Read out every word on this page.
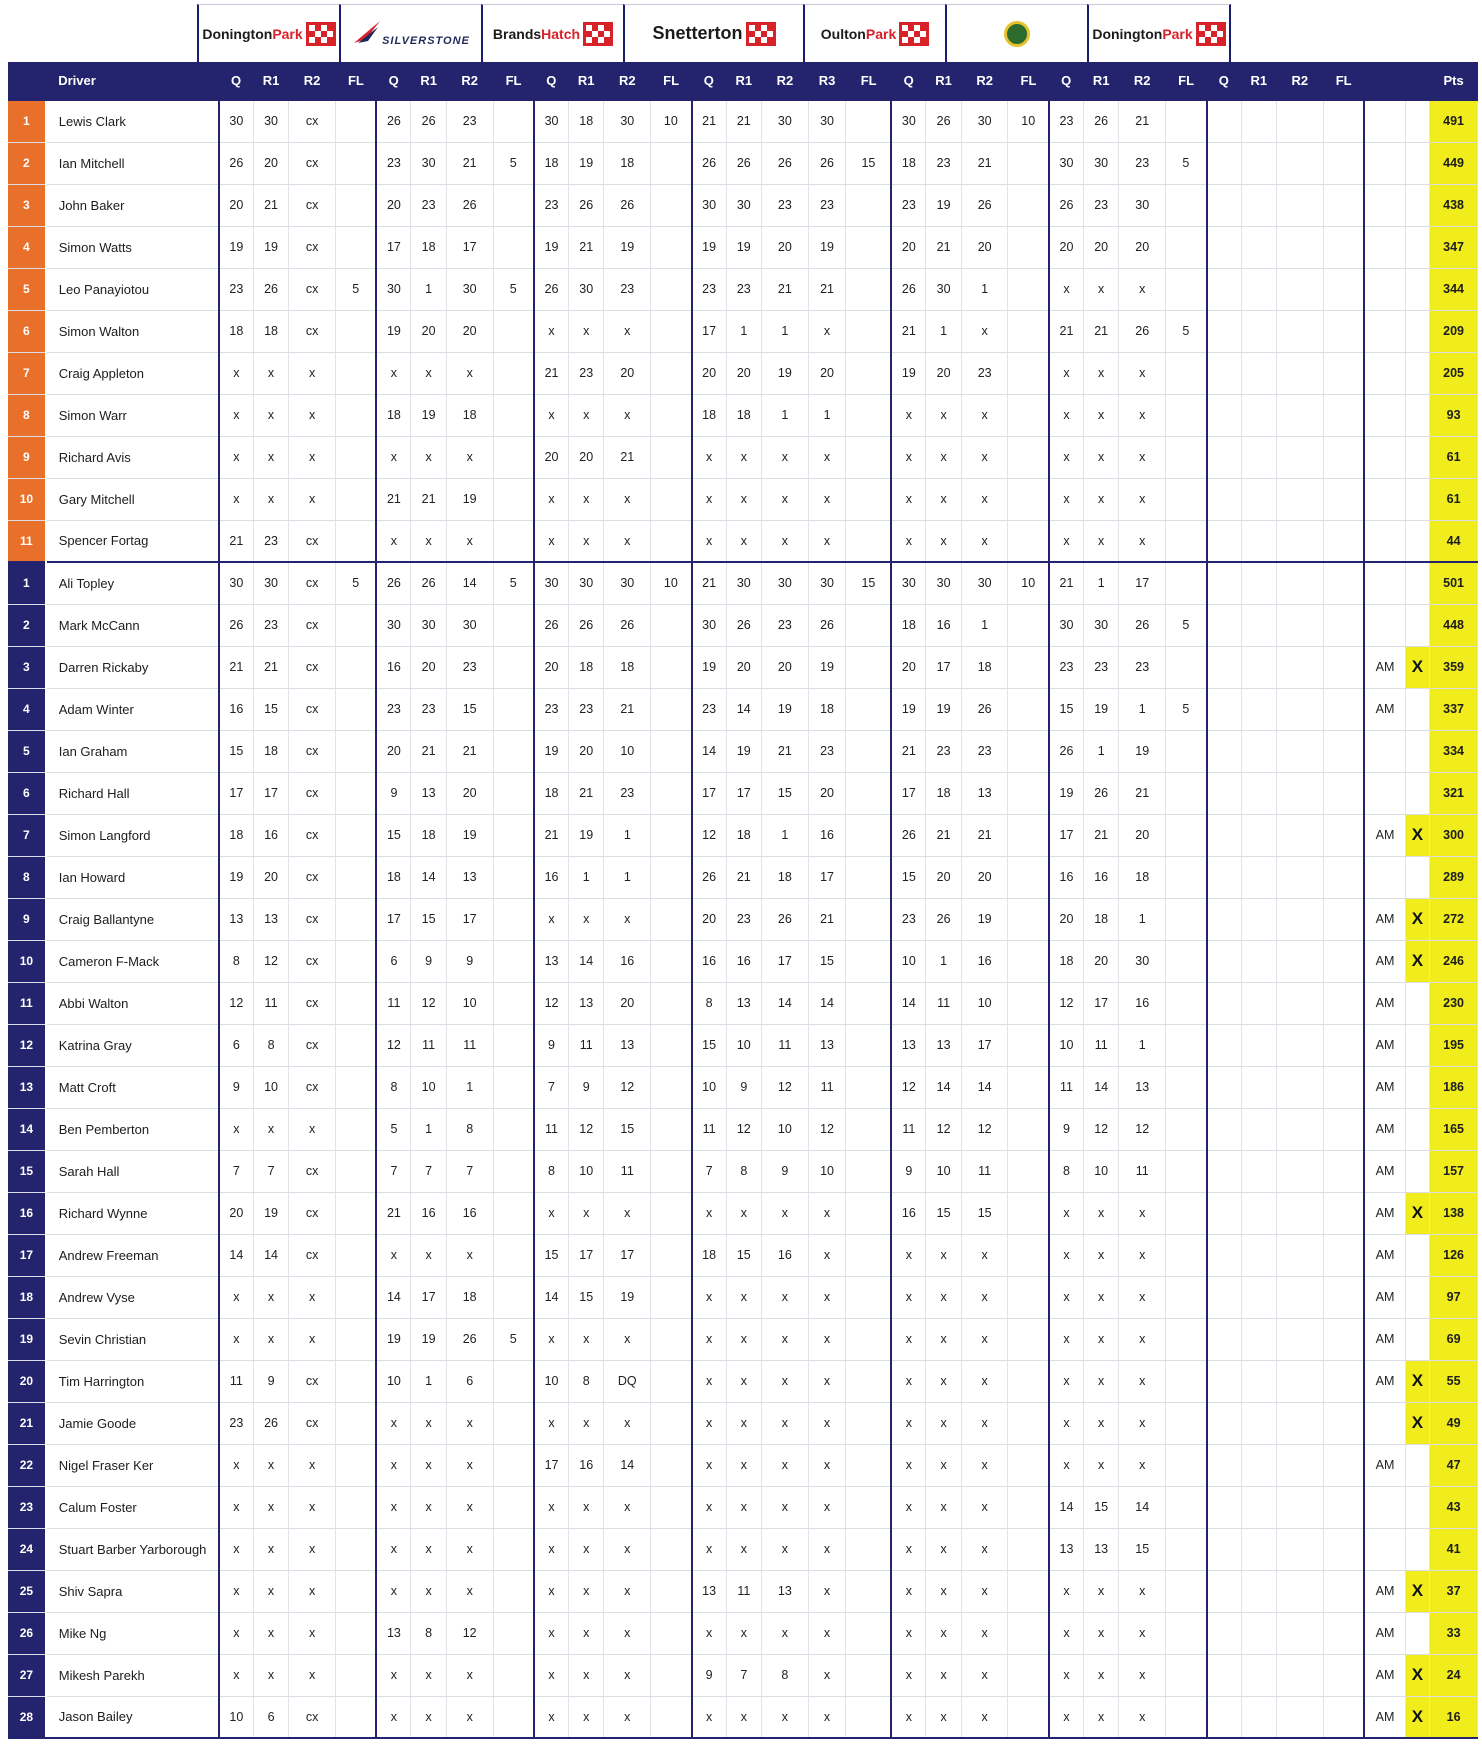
Donington Park	SILVERSTONE Brands Hatch	Snetterton	Oulton Park	Donington Park
	Driver	Q	R1	R2	FL	Q	R1	R2	FL	Q	R1	R2	FL	Q	R1	R2	R3	FL	Q	R1	R2	FL	Q	R1	R2	FL	Q	R1	R2	FL			Pts
1	Lewis Clark	30	30	cx		26	26	23		30	18	30	10	21	21	30	30		30	26	30	10	23	26	21								491
2	Ian Mitchell	26	20	cx		23	30	21	5	18	19	18		26	26	26	26	15	18	23	21		30	30	23	5							449
3	John Baker	20	21	cx		20	23	26		23	26	26		30	30	23	23		23	19	26		26	23	30								438
4	Simon Watts	19	19	cx		17	18	17		19	21	19		19	19	20	19		20	21	20		20	20	20								347
5	Leo Panayiotou	23	26	cx	5	30	1	30	5	26	30	23		23	23	21	21		26	30	1		x	x	x								344
6	Simon Walton	18	18	cx		19	20	20		x	x	x		17	1	1	x		21	1	x		21	21	26	5							209
7	Craig Appleton	x	x	x		x	x	x		21	23	20		20	20	19	20		19	20	23		x	x	x								205
8	Simon Warr	x	x	x		18	19	18		x	x	x		18	18	1	1		x	x	x		x	x	x								93
9	Richard Avis	x	x	x		x	x	x		20	20	21		x	x	x	x		x	x	x		x	x	x								61
10	Gary Mitchell	x	x	x		21	21	19		x	x	x		x	x	x	x		x	x	x		x	x	x								61
11	Spencer Fortag	21	23	cx		x	x	x		x	x	x		x	x	x	x		x	x	x		x	x	x								44
1	Ali Topley	30	30	cx	5	26	26	14	5	30	30	30	10	21	30	30	30	15	30	30	30	10	21	1	17								501
2	Mark McCann	26	23	cx		30	30	30		26	26	26		30	26	23	26		18	16	1		30	30	26	5							448
3	Darren Rickaby	21	21	cx		16	20	23		20	18	18		19	20	20	19		20	17	18		23	23	23						AM	X	359
4	Adam Winter	16	15	cx		23	23	15		23	23	21		23	14	19	18		19	19	26		15	19	1	5					AM		337
5	Ian Graham	15	18	cx		20	21	21		19	20	10		14	19	21	23		21	23	23		26	1	19								334
6	Richard Hall	17	17	cx		9	13	20		18	21	23		17	17	15	20		17	18	13		19	26	21								321
7	Simon Langford	18	16	cx		15	18	19		21	19	1		12	18	1	16		26	21	21		17	21	20						AM	X	300
8	Ian Howard	19	20	cx		18	14	13		16	1	1		26	21	18	17		15	20	20		16	16	18								289
9	Craig Ballantyne	13	13	cx		17	15	17		x	x	x		20	23	26	21		23	26	19		20	18	1						AM	X	272
10	Cameron F-Mack	8	12	cx		6	9	9		13	14	16		16	16	17	15		10	1	16		18	20	30						AM	X	246
11	Abbi Walton	12	11	cx		11	12	10		12	13	20		8	13	14	14		14	11	10		12	17	16						AM		230
12	Katrina Gray	6	8	cx		12	11	11		9	11	13		15	10	11	13		13	13	17		10	11	1						AM		195
13	Matt Croft	9	10	cx		8	10	1		7	9	12		10	9	12	11		12	14	14		11	14	13						AM		186
14	Ben Pemberton	x	x	x		5	1	8		11	12	15		11	12	10	12		11	12	12		9	12	12						AM		165
15	Sarah Hall	7	7	cx		7	7	7		8	10	11		7	8	9	10		9	10	11		8	10	11						AM		157
16	Richard Wynne	20	19	cx		21	16	16		x	x	x		x	x	x	x		16	15	15		x	x	x						AM	X	138
17	Andrew Freeman	14	14	cx		x	x	x		15	17	17		18	15	16	x		x	x	x		x	x	x						AM		126
18	Andrew Vyse	x	x	x		14	17	18		14	15	19		x	x	x	x		x	x	x		x	x	x						AM		97
19	Sevin Christian	x	x	x		19	19	26	5	x	x	x		x	x	x	x		x	x	x		x	x	x						AM		69
20	Tim Harrington	11	9	cx		10	1	6		10	8	DQ		x	x	x	x		x	x	x		x	x	x						AM	X	55
21	Jamie Goode	23	26	cx		x	x	x		x	x	x		x	x	x	x		x	x	x		x	x	x							X	49
22	Nigel Fraser Ker	x	x	x		x	x	x		17	16	14		x	x	x	x		x	x	x		x	x	x						AM		47
23	Calum Foster	x	x	x		x	x	x		x	x	x		x	x	x	x		x	x	x		14	15	14								43
24	Stuart Barber Yarborough	x	x	x		x	x	x		x	x	x		x	x	x	x		x	x	x		13	13	15								41
25	Shiv Sapra	x	x	x		x	x	x		x	x	x		13	11	13	x		x	x	x		x	x	x						AM	X	37
26	Mike Ng	x	x	x		13	8	12		x	x	x		x	x	x	x		x	x	x		x	x	x						AM		33
27	Mikesh Parekh	x	x	x		x	x	x		x	x	x		9	7	8	x		x	x	x		x	x	x						AM	X	24
28	Jason Bailey	10	6	cx		x	x	x		x	x	x		x	x	x	x		x	x	x		x	x	x						AM	X	16
